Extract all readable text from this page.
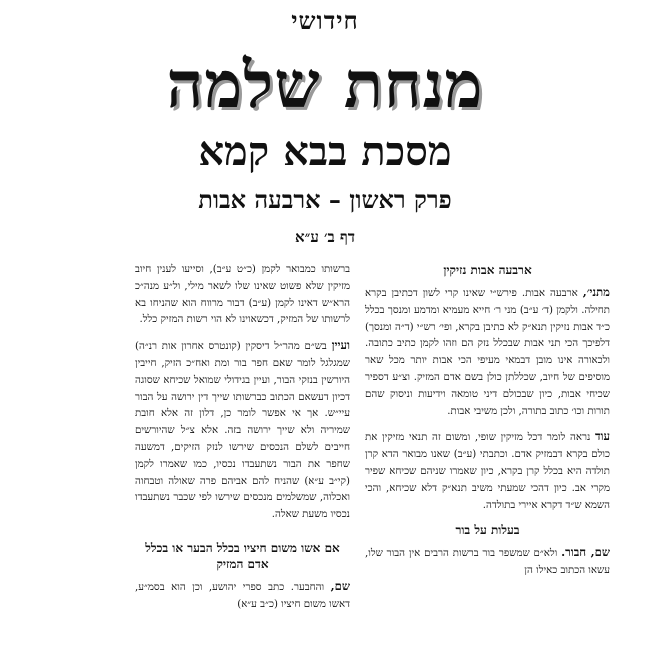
חידושי
מנחת שלמה
מסכת בבא קמא
פרק ראשון – ארבעה אבות
דף ב׳ ע״א
ארבעה אבות נזיקין

מתני׳, ארבעה אבות. פירש״י שאינו קרי לשון דכתיבן בקרא תחילה. ולקמן (ד׳ ע״ב) מני ר׳ חייא מעמיא ומדמע ומנסך בכלל כ״ד אבות נזיקין תנא״ק לא כתיבן בקרא, ופי׳ רש״י (ד״ה ומנסך) דלפיכך הכי תני אבות שבכלל נזק הם וזהו לקמן כתיב כתובה. ולכאורה אינו מובן דבמאי מעיפי הכי אבות יותר מכל שאר מוסיפים של חיוב, שכללתן כולן בשם אדם המזיק. וצ״ע דספיר שכיחי אבות, כיון שבכולם דיני טומאה וידיעות וניסוק שהם תורות וכו׳ כתוב בתורה, ולכן משיבי אבות.

עוד נראה לומר דכל מזיקין שופי, ומשום זה תנאי מזיקין את כולם בקרא דבמזיק אדם. וכתבתי (ע״ב) שאנו מבואר הדא קרן תולדה היא בכלל קרן בקרא, כיון שאמרו שניהם שכיחא שפיר מקרי אב. כיון דהכי שמעתי משיב תנא״ק דלא שכיחא, והכי השמא ש״ד דקרא איירי בתולדה.

בעלות על בור

שם, חבור. ולא״ם שמשפר בור ברשות הרבים אין הבור שלו, עשאו הכתוב כאילו הן

ברשותו כמבואר לקמן (כ״ט ע״ב), וסייעו לענין חיוב מזיקין שלא פשוט שאינו שלו לשאר מילי, ול״ע מנה״כ הרא״ש דאינו לקמן (ע״ב) דבור מרווח הוא שהניחו בא לרשותו של המזיק, דכשאוינו לא הוי רשות המזיק כלל.

ועיין בש״ם מהר״ל דיסקין (קונטרס אחרון אות רנ״ה) שמגלגל לומר שאם חפר בור ומת ואח״כ הזיק, חייבין היורשין בנזקי הבור, ועיין בגידולי שמואל שכיחא שסוגה דכיון דעשאם הכתוב כברשותו שייך דין ירושה על הבור עיי״ש. אך אי אפשר לומר כן, דלון זה אלא חובת שמיריה ולא שייך ירושה בזה. אלא צ״ל שהיורשים חייבים לשלם הנכסים שירשו לנזק הזיקים, דמשעה שחפר את הבור נשתעבדו נכסיו, כמו שאמרו לקמן (קי״ב ע״א) שהניח להם אביהם פרה שאולה וטבחוה ואכלוה, שמשלמים מנכסים שירשו לפי שכבר נשתעבדו נכסיו משעת שאלה.

אם אשו משום חיציו בכלל הבער או בכלל אדם המזיק

שם, והחבער. כתב ספרי יהושע, וכן הוא בסמ״ע, דאשו משום חיציו (כ״ב ע״א)
